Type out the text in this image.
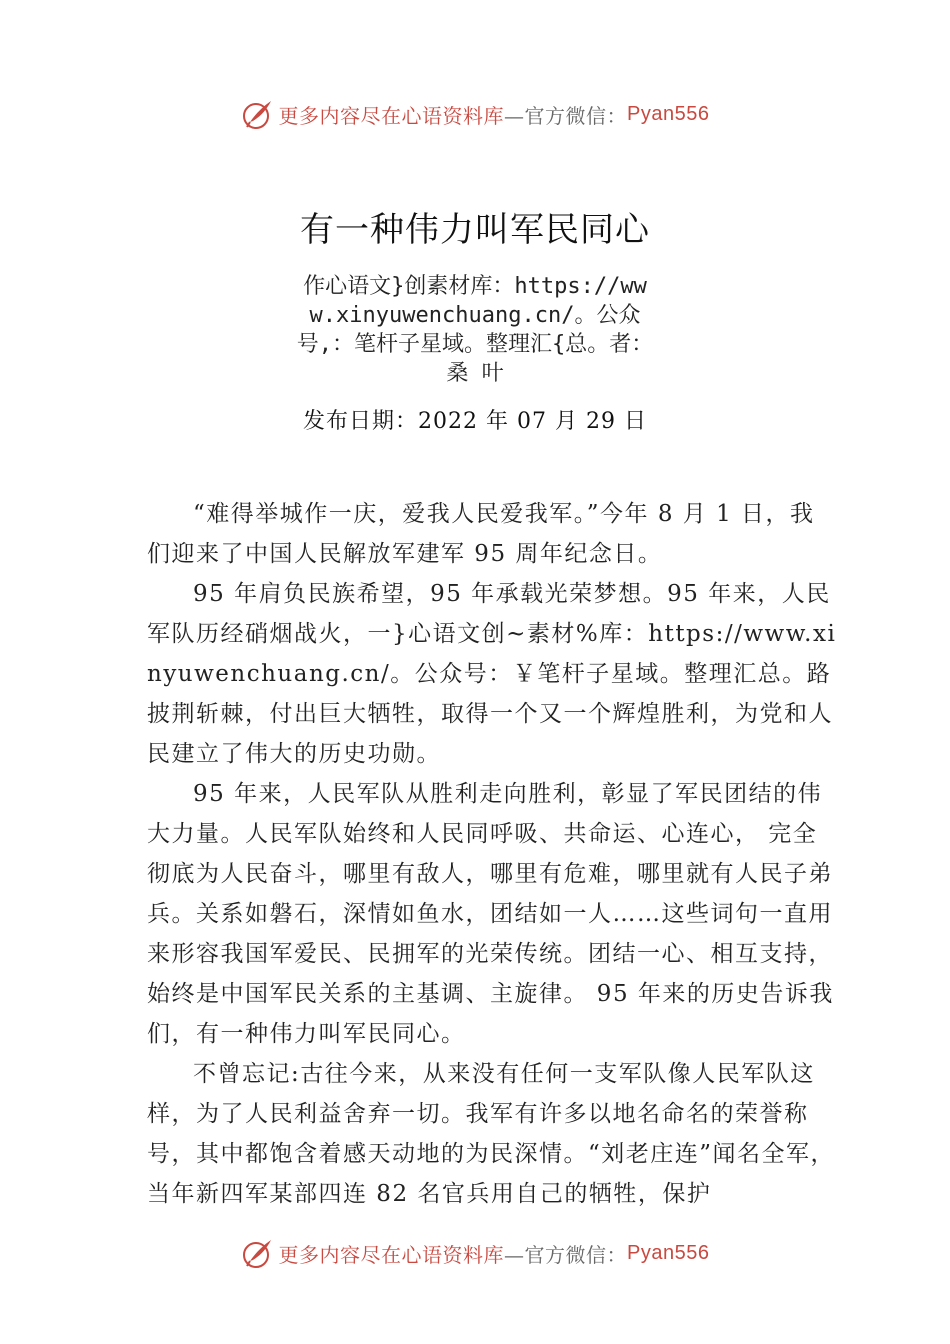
更多内容尽在心语资料库 —官方微信： Pyan556
有一种伟力叫军民同心
作心语文}创素材库：https://www.xinyuwenchuang.cn/。公众号,：笔杆子星域。整理汇{总。者：桑 叶
发布日期：2022 年 07 月 29 日

“难得举城作一庆，爱我人民爱我军。”今年 8 月 1 日，我们迎来了中国人民解放军建军 95 周年纪念日。

95 年肩负民族希望，95 年承载光荣梦想。95 年来，人民军队历经硝烟战火，一}心语文创~素材%库：https://www.xinyuwenchuang.cn/。公众号：￥笔杆子星域。整理汇总。路披荆斩棘，付出巨大牺牲，取得一个又一个辉煌胜利，为党和人民建立了伟大的历史功勋。

95 年来，人民军队从胜利走向胜利，彰显了军民团结的伟大力量。人民军队始终和人民同呼吸、共命运、心连心， 完全彻底为人民奋斗，哪里有敌人，哪里有危难，哪里就有人民子弟兵。关系如磐石，深情如鱼水，团结如一人……这些词句一直用来形容我国军爱民、民拥军的光荣传统。团结一心、相互支持，始终是中国军民关系的主基调、主旋律。 95 年来的历史告诉我们，有一种伟力叫军民同心。

不曾忘记:古往今来，从来没有任何一支军队像人民军队这样，为了人民利益舍弃一切。我军有许多以地名命名的荣誉称号，其中都饱含着感天动地的为民深情。“刘老庄连”闻名全军，当年新四军某部四连 82 名官兵用自己的牺牲，保护

更多内容尽在心语资料库 —官方微信： Pyan556
